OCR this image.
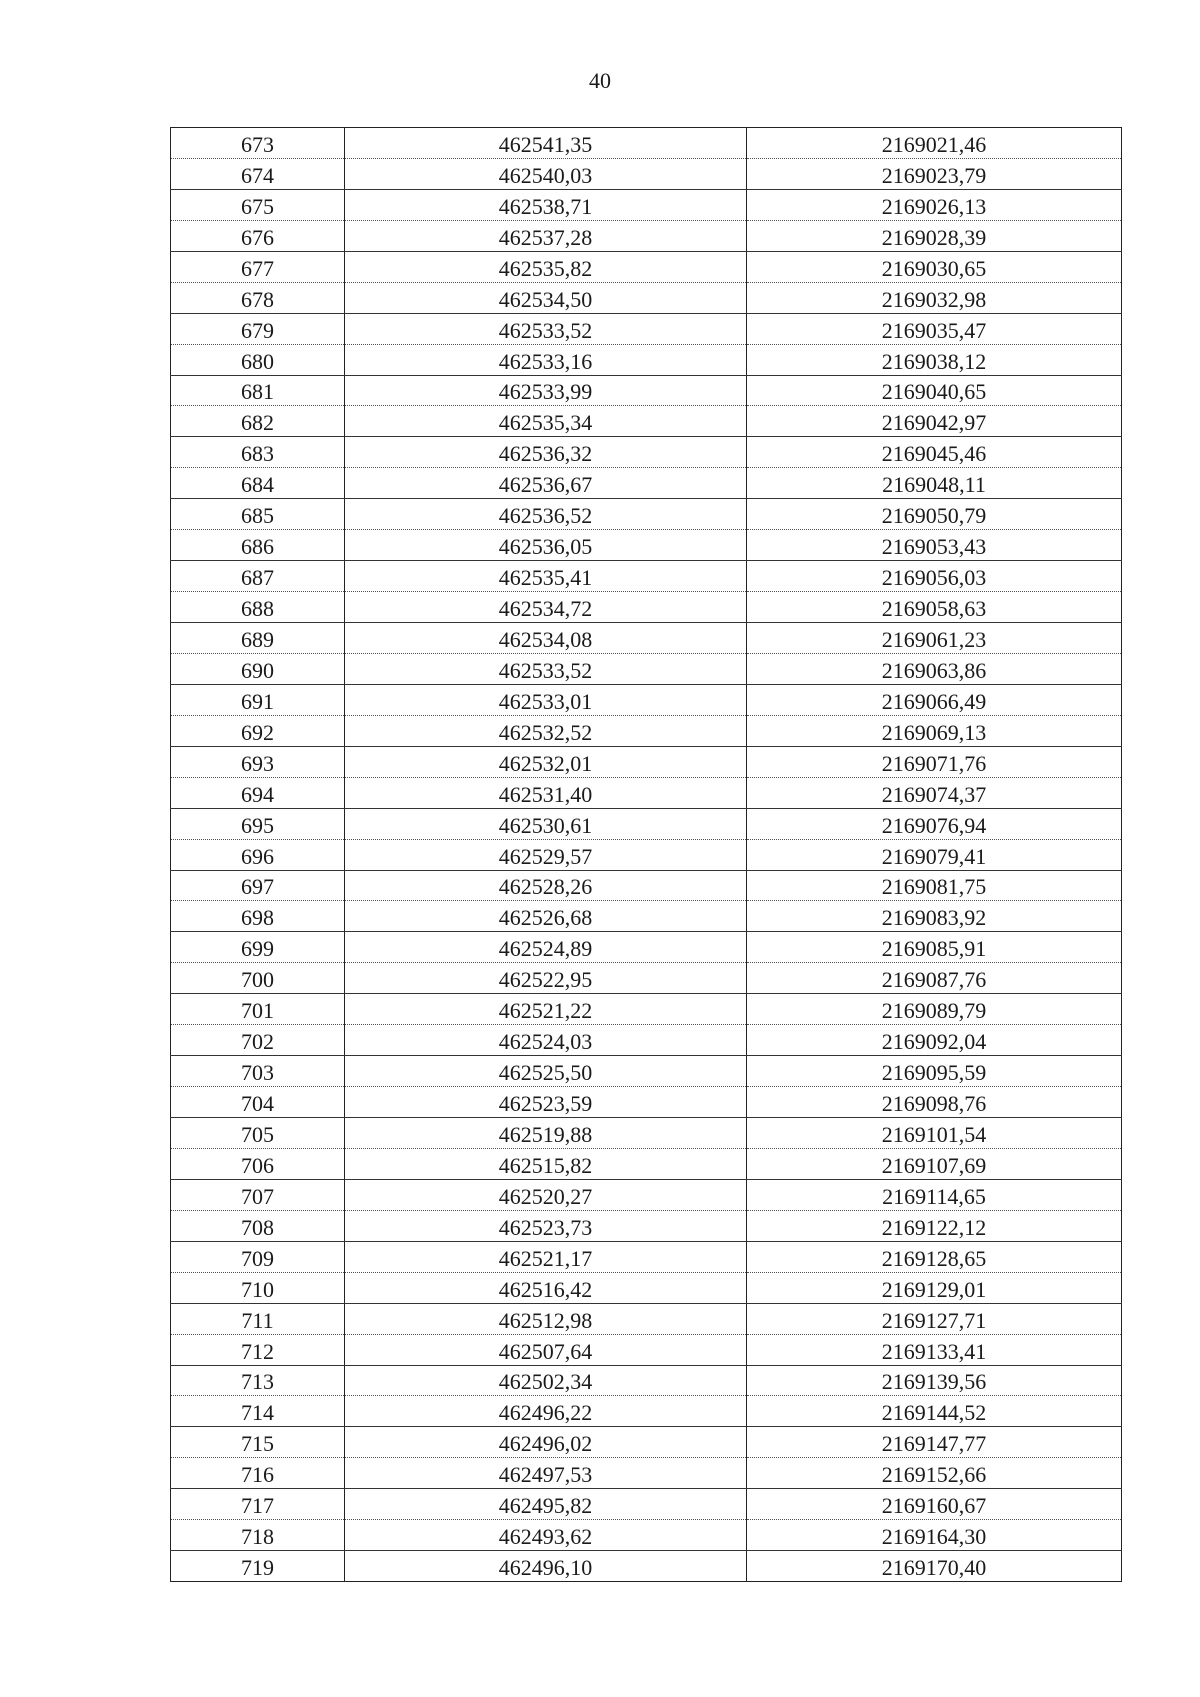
40
673	462541,35	2169021,46
674	462540,03	2169023,79
675	462538,71	2169026,13
676	462537,28	2169028,39
677	462535,82	2169030,65
678	462534,50	2169032,98
679	462533,52	2169035,47
680	462533,16	2169038,12
681	462533,99	2169040,65
682	462535,34	2169042,97
683	462536,32	2169045,46
684	462536,67	2169048,11
685	462536,52	2169050,79
686	462536,05	2169053,43
687	462535,41	2169056,03
688	462534,72	2169058,63
689	462534,08	2169061,23
690	462533,52	2169063,86
691	462533,01	2169066,49
692	462532,52	2169069,13
693	462532,01	2169071,76
694	462531,40	2169074,37
695	462530,61	2169076,94
696	462529,57	2169079,41
697	462528,26	2169081,75
698	462526,68	2169083,92
699	462524,89	2169085,91
700	462522,95	2169087,76
701	462521,22	2169089,79
702	462524,03	2169092,04
703	462525,50	2169095,59
704	462523,59	2169098,76
705	462519,88	2169101,54
706	462515,82	2169107,69
707	462520,27	2169114,65
708	462523,73	2169122,12
709	462521,17	2169128,65
710	462516,42	2169129,01
711	462512,98	2169127,71
712	462507,64	2169133,41
713	462502,34	2169139,56
714	462496,22	2169144,52
715	462496,02	2169147,77
716	462497,53	2169152,66
717	462495,82	2169160,67
718	462493,62	2169164,30
719	462496,10	2169170,40
